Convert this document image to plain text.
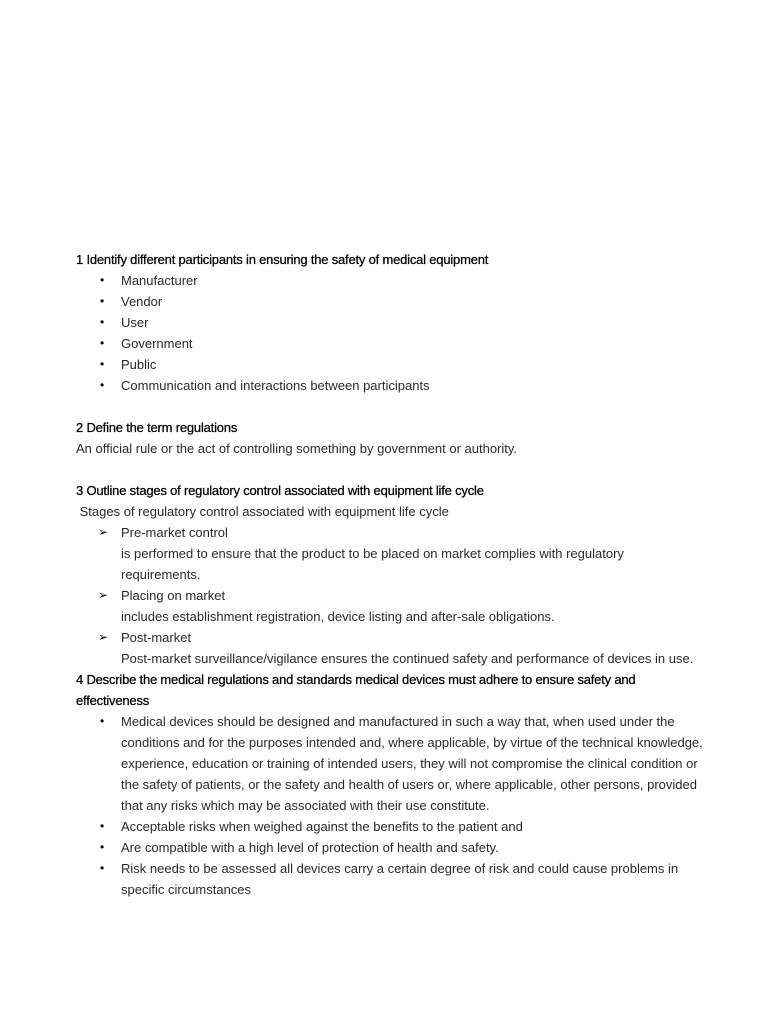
1 Identify different participants in ensuring the safety of medical equipment
• Manufacturer
• Vendor
• User
• Government
• Public
• Communication and interactions between participants
2 Define the term regulations
An official rule or the act of controlling something by government or authority.
3 Outline stages of regulatory control associated with equipment life cycle
Stages of regulatory control associated with equipment life cycle
➢ Pre-market control
is performed to ensure that the product to be placed on market complies with regulatory
requirements.
➢ Placing on market
includes establishment registration, device listing and after-sale obligations.
➢ Post-market
Post-market surveillance/vigilance ensures the continued safety and performance of devices in use.
4 Describe the medical regulations and standards medical devices must adhere to ensure safety and
effectiveness
• Medical devices should be designed and manufactured in such a way that, when used under the
conditions and for the purposes intended and, where applicable, by virtue of the technical knowledge,
experience, education or training of intended users, they will not compromise the clinical condition or
the safety of patients, or the safety and health of users or, where applicable, other persons, provided
that any risks which may be associated with their use constitute.
• Acceptable risks when weighed against the benefits to the patient and
• Are compatible with a high level of protection of health and safety.
• Risk needs to be assessed all devices carry a certain degree of risk and could cause problems in
specific circumstances
